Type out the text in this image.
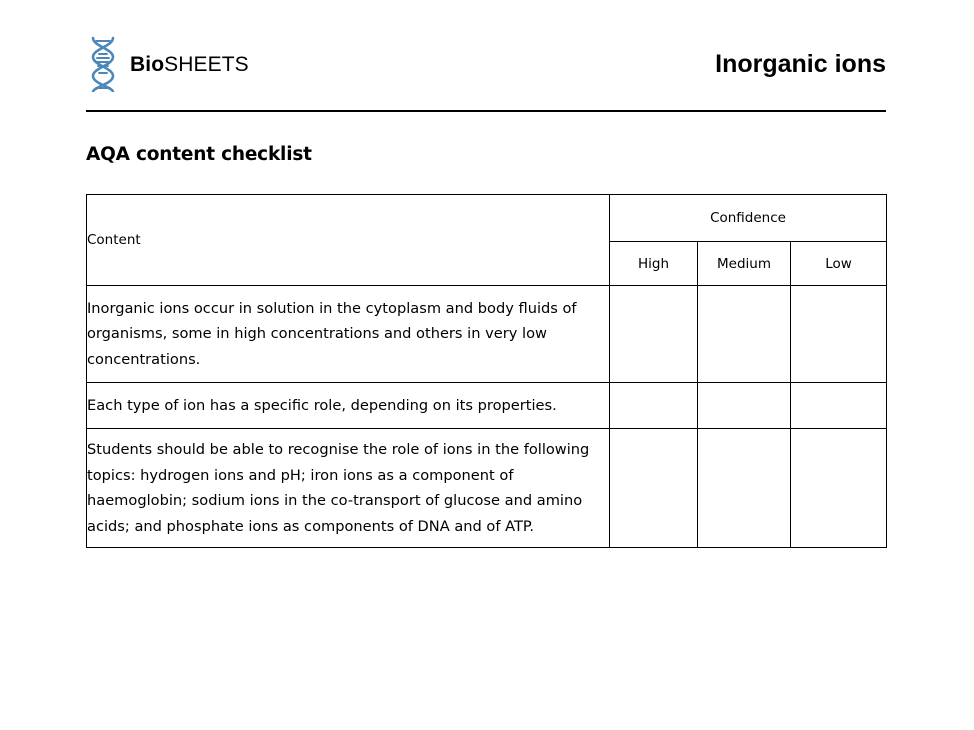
BioSHEETS	Inorganic ions
AQA content checklist
Content	Confidence		
	High	Medium	Low
Inorganic ions occur in solution in the cytoplasm and body fluids of organisms, some in high concentrations and others in very low concentrations.			
Each type of ion has a specific role, depending on its properties.			
Students should be able to recognise the role of ions in the following topics: hydrogen ions and pH; iron ions as a component of haemoglobin; sodium ions in the co-transport of glucose and amino acids; and phosphate ions as components of DNA and of ATP.			
